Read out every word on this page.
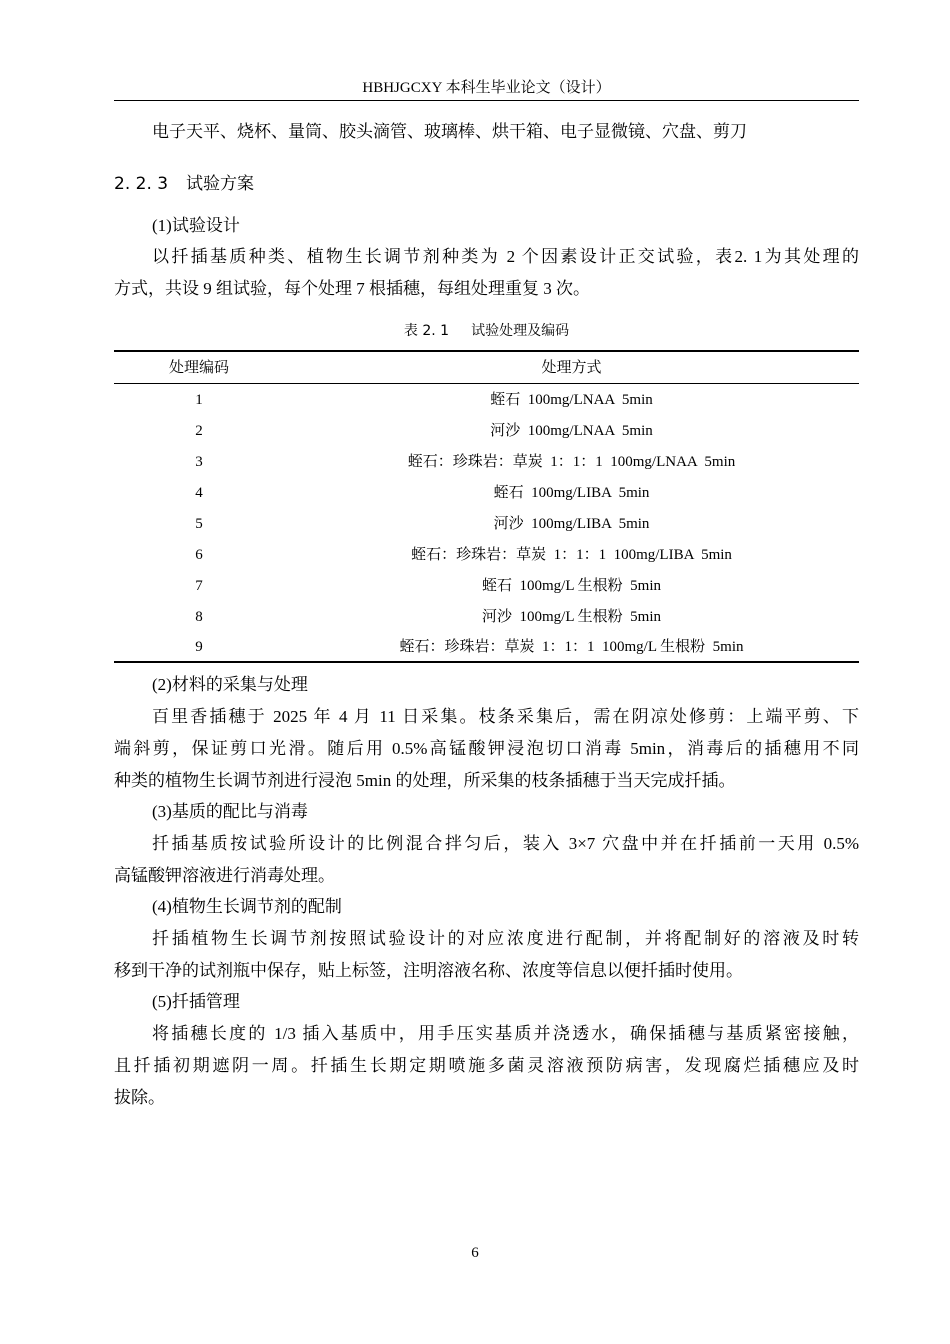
HBHJGCXY 本科生毕业论文（设计）
电子天平、烧杯、量筒、胶头滴管、玻璃棒、烘干箱、电子显微镜、穴盘、剪刀
2. 2. 3 试验方案
(1)试验设计
以扦插基质种类、植物生长调节剂种类为 2 个因素设计正交试验，表2. 1为其处理的
方式，共设 9 组试验，每个处理 7 根插穗，每组处理重复 3 次。
表 2. 1 试验处理及编码
处理编码	处理方式
1	蛭石  100mg/LNAA  5min
2	河沙  100mg/LNAA  5min
3	蛭石：珍珠岩：草炭  1：1：1  100mg/LNAA  5min
4	蛭石  100mg/LIBA  5min
5	河沙  100mg/LIBA  5min
6	蛭石：珍珠岩：草炭  1：1：1  100mg/LIBA  5min
7	蛭石  100mg/L 生根粉  5min
8	河沙  100mg/L 生根粉  5min
9	蛭石：珍珠岩：草炭  1：1：1  100mg/L 生根粉  5min
(2)材料的采集与处理
百里香插穗于 2025 年 4 月 11 日采集。枝条采集后，需在阴凉处修剪：上端平剪、下
端斜剪，保证剪口光滑。随后用 0.5%高锰酸钾浸泡切口消毒 5min，消毒后的插穗用不同
种类的植物生长调节剂进行浸泡 5min 的处理，所采集的枝条插穗于当天完成扦插。
(3)基质的配比与消毒
扦插基质按试验所设计的比例混合拌匀后，装入 3×7 穴盘中并在扦插前一天用 0.5%
高锰酸钾溶液进行消毒处理。
(4)植物生长调节剂的配制
扦插植物生长调节剂按照试验设计的对应浓度进行配制，并将配制好的溶液及时转
移到干净的试剂瓶中保存，贴上标签，注明溶液名称、浓度等信息以便扦插时使用。
(5)扦插管理
将插穗长度的 1/3 插入基质中，用手压实基质并浇透水，确保插穗与基质紧密接触，
且扦插初期遮阴一周。扦插生长期定期喷施多菌灵溶液预防病害，发现腐烂插穗应及时
拔除。
6
